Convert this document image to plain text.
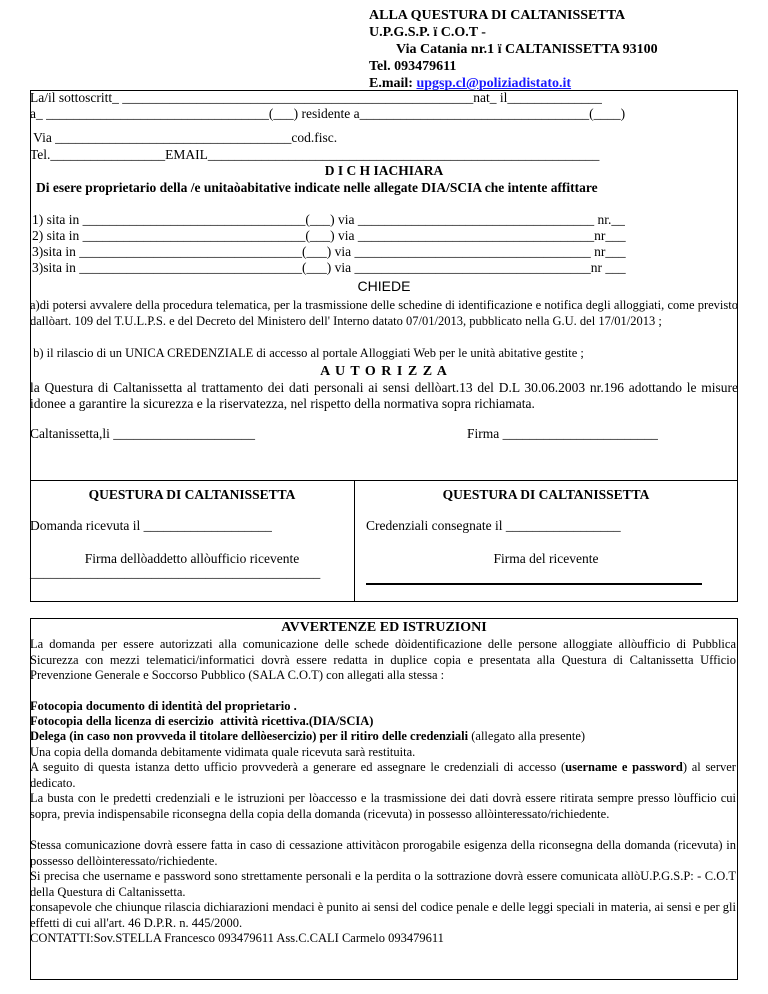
ALLA QUESTURA DI CALTANISSETTA
U.P.G.S.P. ï C.O.T -
Via Catania nr.1 ï CALTANISSETTA 93100
Tel. 093479611
E.mail: upgsp.cl@poliziadistato.it
La/il sottoscritt_ ____________________________________________________nat_ il______________
a_ _________________________________(___) residente a__________________________________(____)
Via ___________________________________cod.fisc.
Tel._________________EMAIL__________________________________________________________
D I C H IACHIARA
Di esere proprietario della /e unitaòabitative indicate nelle allegate DIA/SCIA che intente affittare
1) sita in _________________________________(___) via ___________________________________ nr.__
2) sita in _________________________________(___) via ___________________________________nr___
3)sita in _________________________________(___) via ___________________________________ nr___
3)sita in _________________________________(___) via ___________________________________nr ___
CHIEDE
a)di potersi avvalere della procedura telematica, per la trasmissione delle schedine di identificazione e notifica degli alloggiati, come previsto dallòart. 109 del T.U.L.P.S. e del Decreto del Ministero dell' Interno datato 07/01/2013, pubblicato nella G.U. del 17/01/2013 ;
b) il rilascio di un UNICA CREDENZIALE di accesso al portale Alloggiati Web per le unità abitative gestite ;
A U T O R I Z Z A
la Questura di Caltanissetta al trattamento dei dati personali ai sensi dellòart.13 del D.L 30.06.2003 nr.196 adottando le misure idonee a garantire la sicurezza e la riservatezza, nel rispetto della normativa sopra richiamata.
Caltanissetta,li _____________________	Firma _______________________
QUESTURA DI CALTANISSETTA
Domanda ricevuta il ___________________
Firma dellòaddetto allòufficio ricevente
___________________________________________
QUESTURA DI CALTANISSETTA
Credenziali consegnate il _________________
Firma del ricevente
AVVERTENZE ED ISTRUZIONI
La domanda per essere autorizzati alla comunicazione delle schede dòidentificazione delle persone alloggiate allòufficio di Pubblica Sicurezza con mezzi telematici/informatici dovrà essere redatta in duplice copia e presentata alla Questura di Caltanissetta Ufficio Prevenzione Generale e Soccorso Pubblico (SALA C.O.T) con allegati alla stessa :
Fotocopia documento di identità del proprietario .
Fotocopia della licenza di esercizio  attività ricettiva.(DIA/SCIA)
Delega (in caso non provveda il titolare dellòesercizio) per il ritiro delle credenziali (allegato alla presente)
Una copia della domanda debitamente vidimata quale ricevuta sarà restituita.
A seguito di questa istanza detto ufficio provvederà a generare ed assegnare le credenziali di accesso (username e password) al server dedicato.
La busta con le predetti credenziali e le istruzioni per lòaccesso e la trasmissione dei dati dovrà essere ritirata sempre presso lòufficio cui sopra, previa indispensabile riconsegna della copia della domanda (ricevuta) in possesso allòinteressato/richiedente.
Stessa comunicazione dovrà essere fatta in caso di cessazione attivitàcon prorogabile esigenza della riconsegna della domanda (ricevuta) in possesso dellòinteressato/richiedente.
Si precisa che username e password sono strettamente personali e la perdita o la sottrazione dovrà essere comunicata allòU.P.G.S.P: - C.O.T della Questura di Caltanissetta.
consapevole che chiunque rilascia dichiarazioni mendaci è punito ai sensi del codice penale e delle leggi speciali in materia, ai sensi e per gli effetti di cui all'art. 46 D.P.R. n. 445/2000.
CONTATTI:Sov.STELLA Francesco 093479611 Ass.C.CALI Carmelo 093479611
